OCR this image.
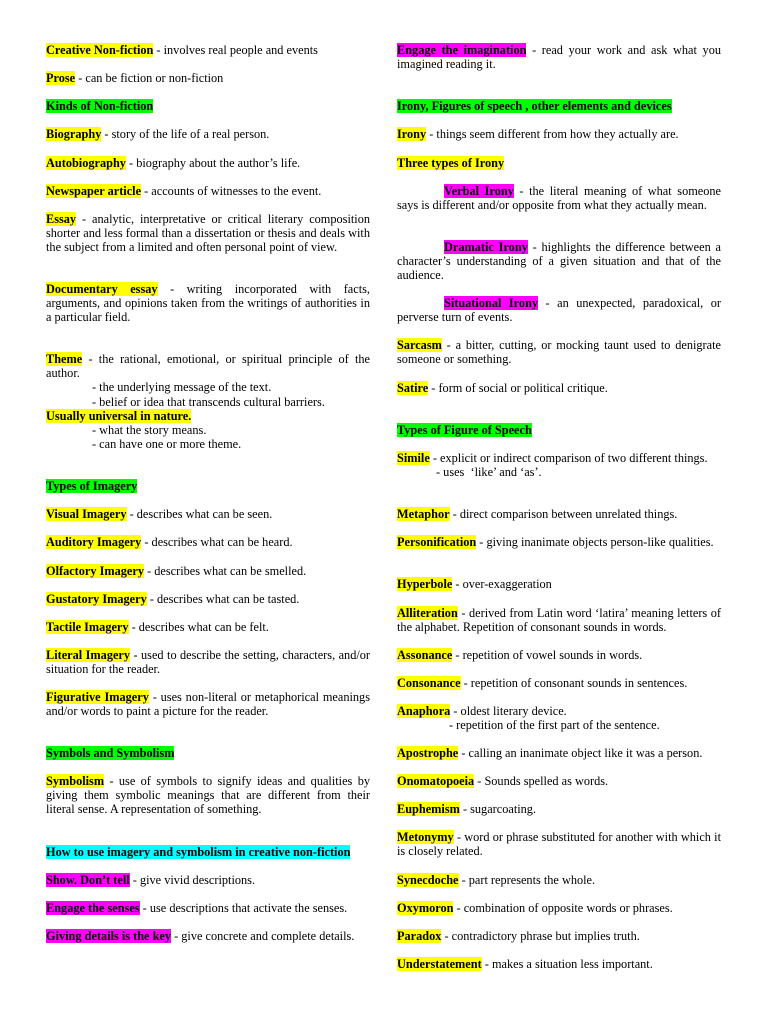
Creative Non-fiction - involves real people and events

Prose - can be fiction or non-fiction

Kinds of Non-fiction

Biography - story of the life of a real person.

Autobiography - biography about the author’s life.

Newspaper article - accounts of witnesses to the event.

Essay - analytic, interpretative or critical literary composition shorter and less formal than a dissertation or thesis and deals with the subject from a limited and often personal point of view.

Documentary essay - writing incorporated with facts, arguments, and opinions taken from the writings of authorities in a particular field.

Theme - the rational, emotional, or spiritual principle of the author.
- the underlying message of the text.
- belief or idea that transcends cultural barriers.
Usually universal in nature.
- what the story means.
- can have one or more theme.

Types of Imagery

Visual Imagery - describes what can be seen.

Auditory Imagery - describes what can be heard.

Olfactory Imagery - describes what can be smelled.

Gustatory Imagery - describes what can be tasted.

Tactile Imagery - describes what can be felt.

Literal Imagery - used to describe the setting, characters, and/or situation for the reader.

Figurative Imagery - uses non-literal or metaphorical meanings and/or words to paint a picture for the reader.

Symbols and Symbolism

Symbolism - use of symbols to signify ideas and qualities by giving them symbolic meanings that are different from their literal sense. A representation of something.

How to use imagery and symbolism in creative non-fiction

Show. Don’t tell - give vivid descriptions.

Engage the senses - use descriptions that activate the senses.

Giving details is the key - give concrete and complete details.

Engage the imagination - read your work and ask what you imagined reading it.

Irony, Figures of speech , other elements and devices

Irony - things seem different from how they actually are.

Three types of Irony

Verbal Irony - the literal meaning of what someone says is different and/or opposite from what they actually mean.

Dramatic Irony - highlights the difference between a character’s understanding of a given situation and that of the audience.

Situational Irony - an unexpected, paradoxical, or perverse turn of events.

Sarcasm - a bitter, cutting, or mocking taunt used to denigrate someone or something.

Satire - form of social or political critique.

Types of Figure of Speech

Simile - explicit or indirect comparison of two different things.
- uses  ‘like’ and ‘as’.

Metaphor - direct comparison between unrelated things.

Personification - giving inanimate objects person-like qualities.

Hyperbole - over-exaggeration

Alliteration - derived from Latin word ‘latira’ meaning letters of the alphabet. Repetition of consonant sounds in words.

Assonance - repetition of vowel sounds in words.

Consonance - repetition of consonant sounds in sentences.

Anaphora - oldest literary device.
- repetition of the first part of the sentence.

Apostrophe - calling an inanimate object like it was a person.

Onomatopoeia - Sounds spelled as words.

Euphemism - sugarcoating.

Metonymy - word or phrase substituted for another with which it is closely related.

Synecdoche - part represents the whole.

Oxymoron - combination of opposite words or phrases.

Paradox - contradictory phrase but implies truth.

Understatement - makes a situation less important.
